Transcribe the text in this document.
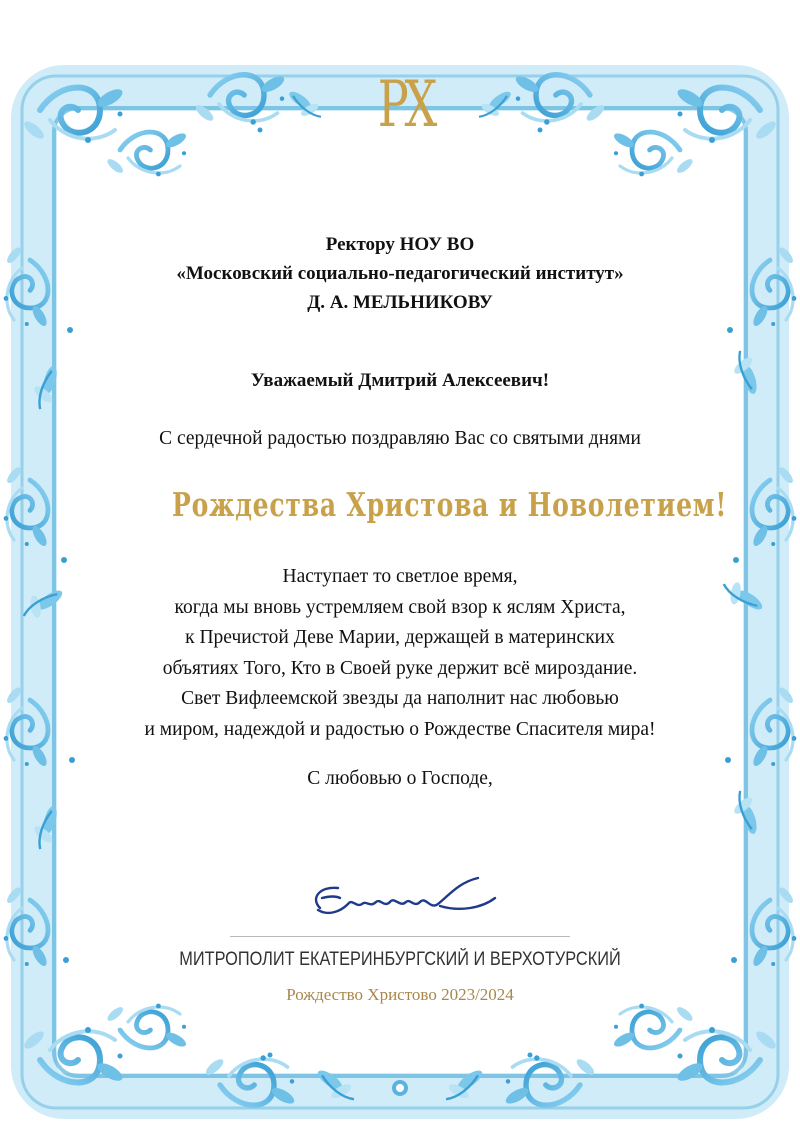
РХ
Ректору НОУ ВО
«Московский социально-педагогический институт»
Д. А. МЕЛЬНИКОВУ
Уважаемый Дмитрий Алексеевич!
С сердечной радостью поздравляю Вас со святыми днями
Рождества Христова и Новолетием!
Наступает то светлое время,
когда мы вновь устремляем свой взор к яслям Христа,
к Пречистой Деве Марии, держащей в материнских
объятиях Того, Кто в Своей руке держит всё мироздание.
Свет Вифлеемской звезды да наполнит нас любовью
и миром, надеждой и радостью о Рождестве Спасителя мира!
С любовью о Господе,
МИТРОПОЛИТ ЕКАТЕРИНБУРГСКИЙ И ВЕРХОТУРСКИЙ
Рождество Христово 2023/2024
